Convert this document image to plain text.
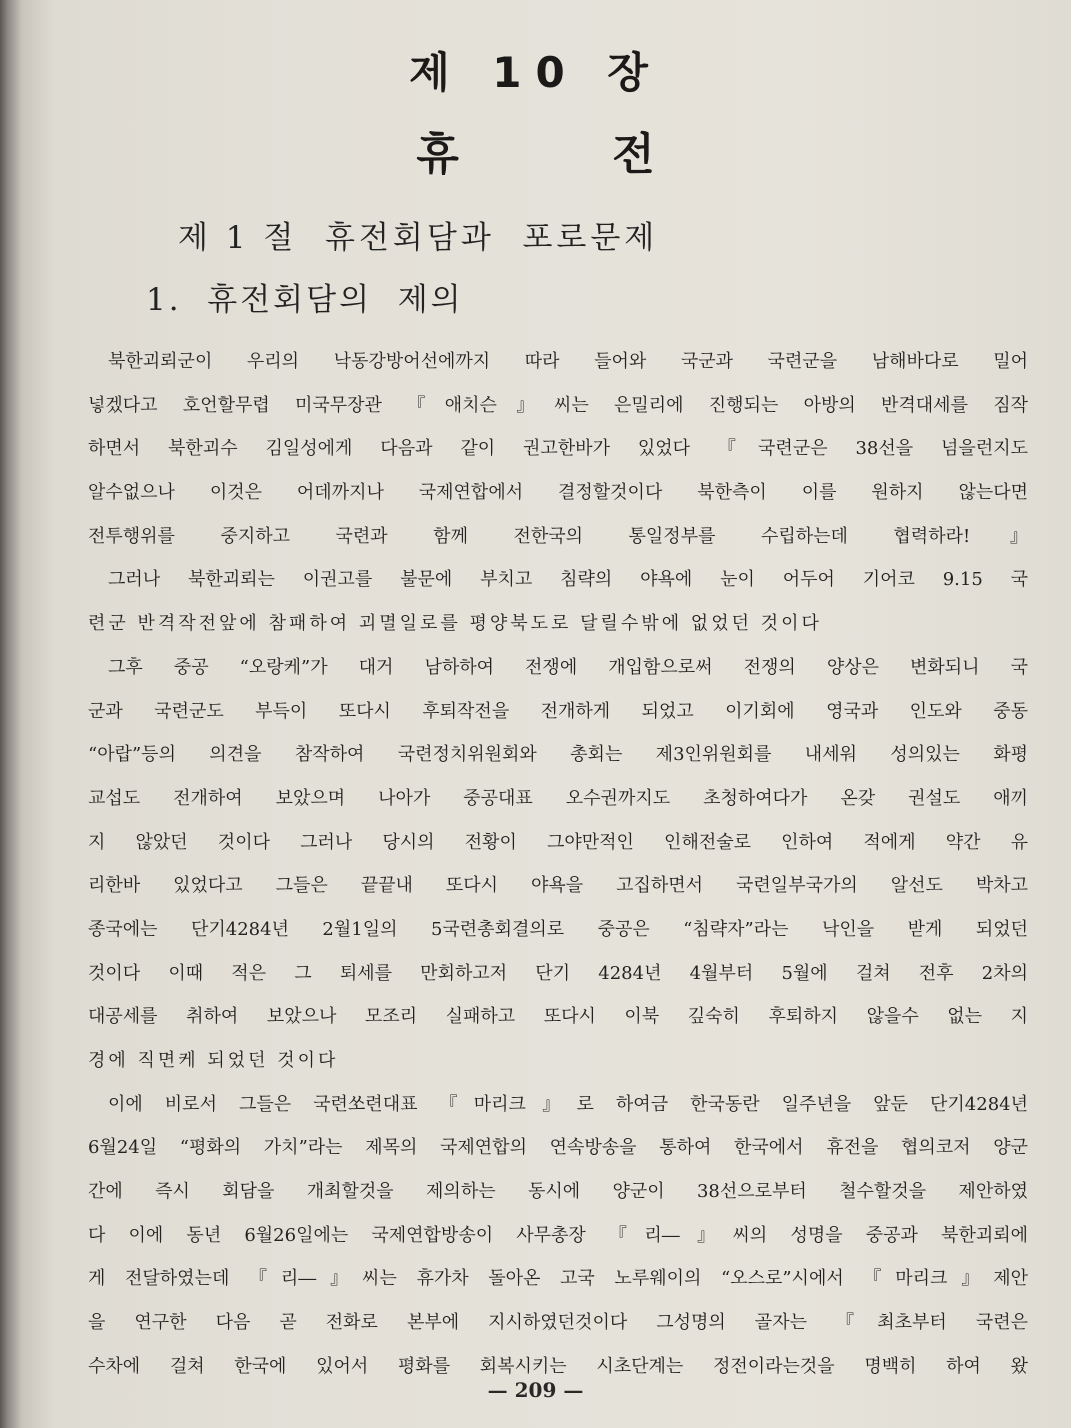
제 10 장
휴          전
제 1 절  휴전회담과  포로문제
1.  휴전회담의  제의
북한괴뢰군이 우리의 낙동강방어선에까지 따라 들어와 국군과 국련군을 남해바다로 밀어
넣겠다고 호언할무렵 미국무장관 『애치슨』씨는 은밀리에 진행되는 아방의 반격대세를 짐작
하면서 북한괴수 김일성에게 다음과 같이 권고한바가 있었다 『국련군은 38선을 넘을런지도
알수없으나 이것은 어데까지나 국제연합에서 결정할것이다 북한측이 이를 원하지 않는다면
전투행위를 중지하고 국련과 함께 전한국의 통일정부를 수립하는데 협력하라!』
그러나 북한괴뢰는 이권고를 불문에 부치고 침략의 야욕에 눈이 어두어 기어코 9.15 국
련군 반격작전앞에 참패하여 괴멸일로를 평양북도로 달릴수밖에 없었던 것이다
그후 중공 “오랑케”가 대거 남하하여 전쟁에 개입함으로써 전쟁의 양상은 변화되니 국
군과 국련군도 부득이 또다시 후퇴작전을 전개하게 되었고 이기회에 영국과 인도와 중동
“아랍”등의 의견을 참작하여 국련정치위원회와 총회는 제3인위원회를 내세워 성의있는 화평
교섭도 전개하여 보았으며 나아가 중공대표 오수권까지도 초청하여다가 온갖 권설도 애끼
지 않았던 것이다 그러나 당시의 전황이 그야만적인 인해전술로 인하여 적에게 약간 유
리한바 있었다고 그들은 끝끝내 또다시 야욕을 고집하면서 국련일부국가의 알선도 박차고
종국에는 단기4284년 2월1일의 5국련총회결의로 중공은 “침략자”라는 낙인을 받게 되었던
것이다 이때 적은 그 퇴세를 만회하고저 단기 4284년 4월부터 5월에 걸쳐 전후 2차의
대공세를 취하여 보았으나 모조리 실패하고 또다시 이북 깊숙히 후퇴하지 않을수 없는 지
경에 직면케 되었던 것이다
이에 비로서 그들은 국련쏘련대표 『마리크』로 하여금 한국동란 일주년을 앞둔 단기4284년
6월24일 “평화의 가치”라는 제목의 국제연합의 연속방송을 통하여 한국에서 휴전을 협의코저 양군
간에 즉시 회담을 개최할것을 제의하는 동시에 양군이 38선으로부터 철수할것을 제안하였
다 이에 동년 6월26일에는 국제연합방송이 사무총장 『리―』씨의 성명을 중공과 북한괴뢰에
게 전달하였는데 『리―』씨는 휴가차 돌아온 고국 노루웨이의 “오스로”시에서 『마리크』제안
을 연구한 다음 곧 전화로 본부에 지시하였던것이다 그성명의 골자는 『최초부터 국련은
수차에 걸쳐 한국에 있어서 평화를 회복시키는 시초단계는 정전이라는것을 명백히 하여 왔
— 209 —
